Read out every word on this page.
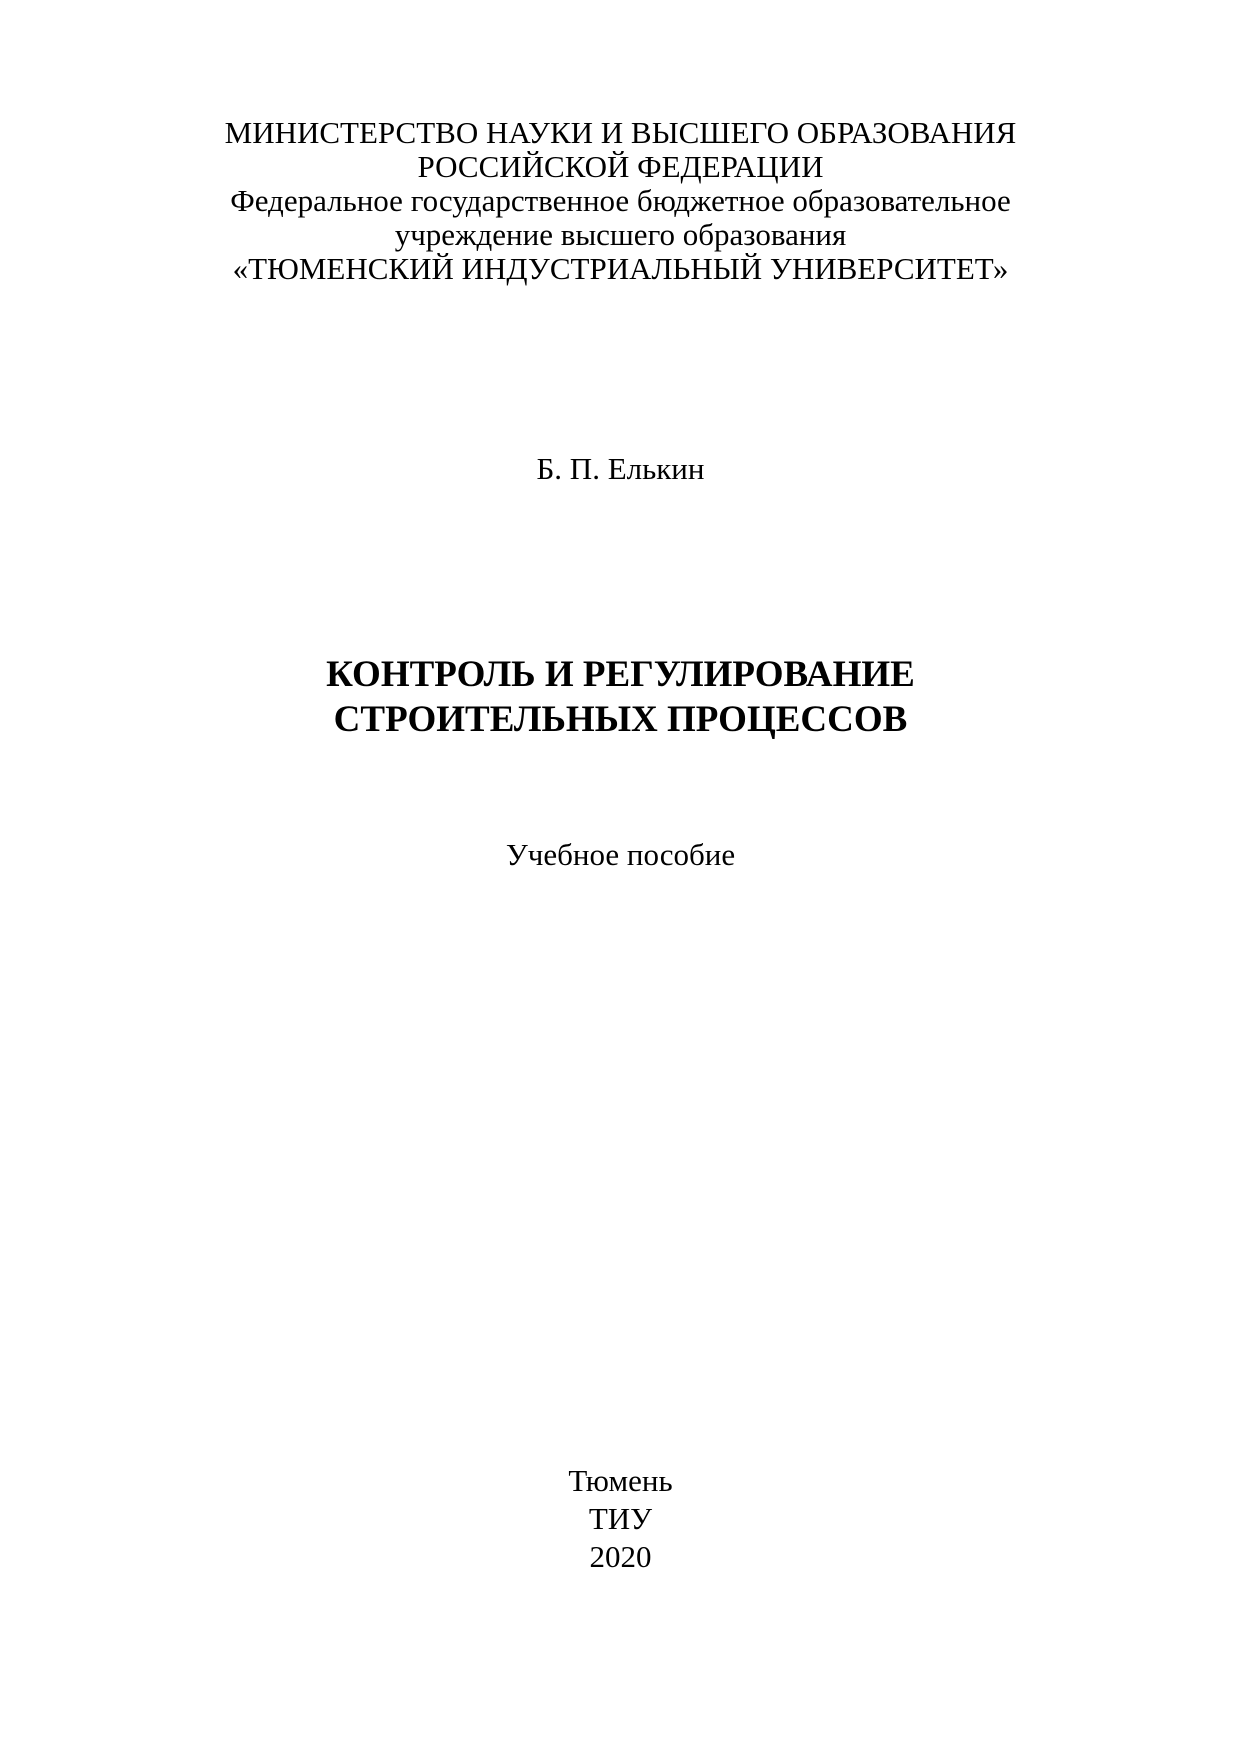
МИНИСТЕРСТВО НАУКИ И ВЫСШЕГО ОБРАЗОВАНИЯ
РОССИЙСКОЙ ФЕДЕРАЦИИ
Федеральное государственное бюджетное образовательное
учреждение высшего образования
«ТЮМЕНСКИЙ ИНДУСТРИАЛЬНЫЙ УНИВЕРСИТЕТ»
Б. П. Елькин
КОНТРОЛЬ И РЕГУЛИРОВАНИЕ
СТРОИТЕЛЬНЫХ ПРОЦЕССОВ
Учебное пособие
Тюмень
ТИУ
2020
